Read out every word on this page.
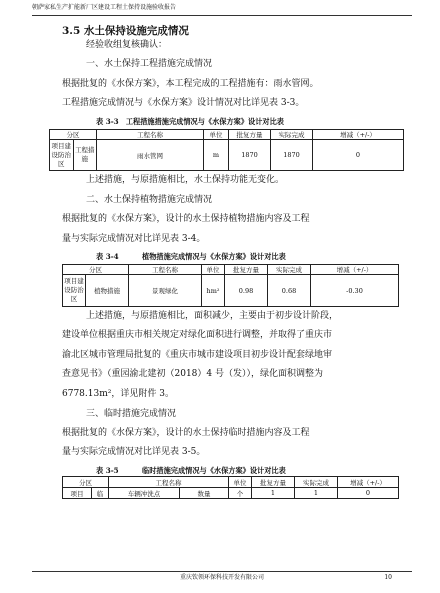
朝萨家私生产扩能新厂区建设工程土保持设施验收报告
3.5 水土保持设施完成情况
经验收组复核确认：
一、水土保持工程措施完成情况
根据批复的《水保方案》，本工程完成的工程措施有：雨水管网。
工程措施完成情况与《水保方案》设计情况对比详见表 3-3。
表 3-3　工程措施措施完成情况与《水保方案》设计对比表
分区		工程名称	单位	批复方量	实际完成	增减（+/-）
项目建设防治区	工程措施	雨水管网	m	1870	1870	0
上述措施，与原措施相比，水土保持功能无变化。
二、水土保持植物措施完成情况
根据批复的《水保方案》，设计的水土保持植物措施内容及工程
量与实际完成情况对比详见表 3-4。
表 3-4	植物措施完成情况与《水保方案》设计对比表
分区		工程名称	单位	批复方量	实际完成	增减（+/-）
项目建设防治区	植物措施	景观绿化	hm²	0.98	0.68	-0.30
上述措施，与原措施相比，面积减少，主要由于初步设计阶段，
建设单位根据重庆市相关规定对绿化面积进行调整，并取得了重庆市
渝北区城市管理局批复的《重庆市城市建设项目初步设计配套绿地审
查意见书》（重园渝北建初（2018）4 号（发）），绿化面积调整为
6778.13m²，详见附件 3。
三、临时措施完成情况
根据批复的《水保方案》，设计的水土保持临时措施内容及工程
量与实际完成情况对比详见表 3-5。
表 3-5	临时措施完成情况与《水保方案》设计对比表
分区		工程名称		单位	批复方量	实际完成	增减（+/-）
项目	临	车辆冲洗点	数量	个	1	1	0
重庆钦领环保科技开发有限公司	10
